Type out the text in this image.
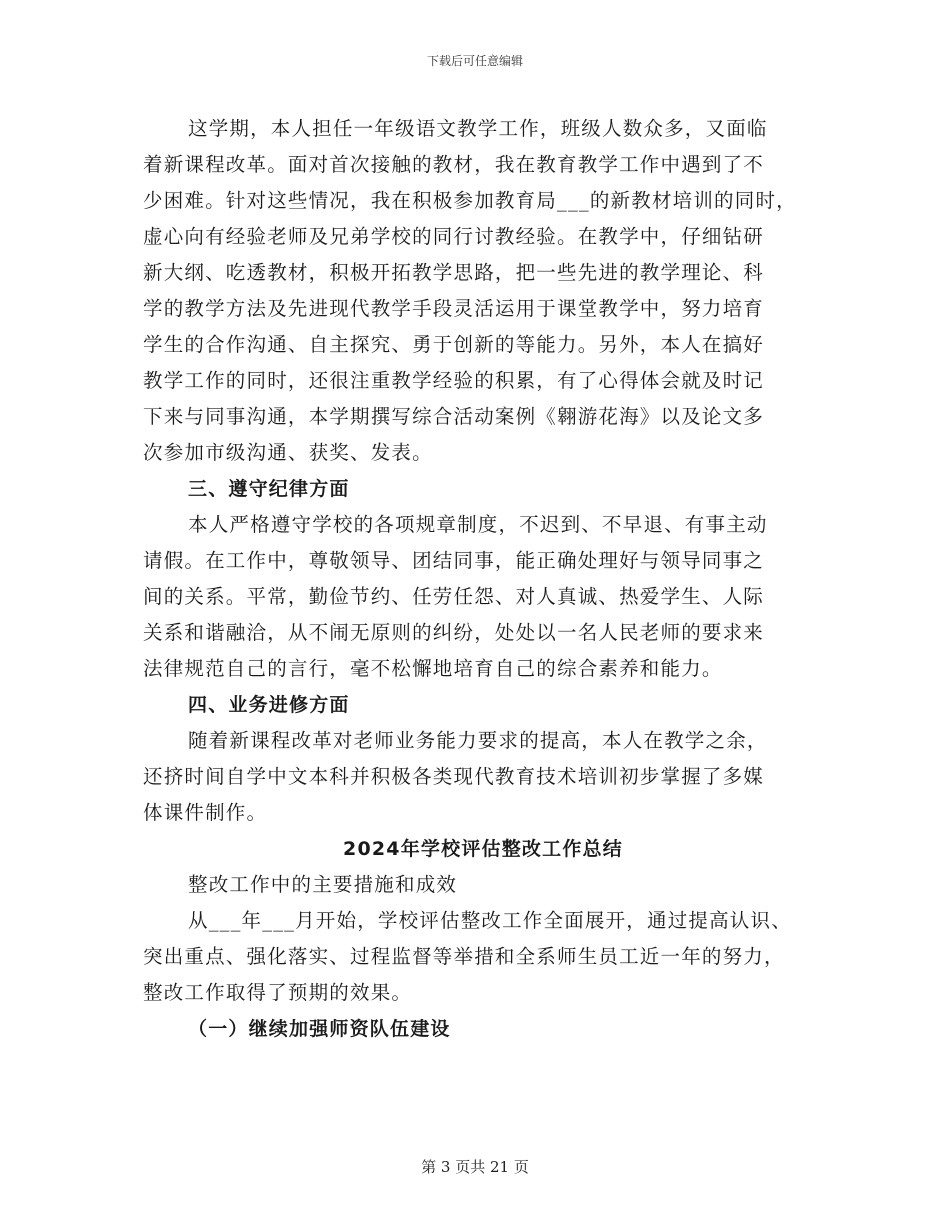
下载后可任意编辑
这学期，本人担任一年级语文教学工作，班级人数众多，又面临
着新课程改革。面对首次接触的教材，我在教育教学工作中遇到了不
少困难。针对这些情况，我在积极参加教育局___的新教材培训的同时，
虚心向有经验老师及兄弟学校的同行讨教经验。在教学中，仔细钻研
新大纲、吃透教材，积极开拓教学思路，把一些先进的教学理论、科
学的教学方法及先进现代教学手段灵活运用于课堂教学中，努力培育
学生的合作沟通、自主探究、勇于创新的等能力。另外，本人在搞好
教学工作的同时，还很注重教学经验的积累，有了心得体会就及时记
下来与同事沟通，本学期撰写综合活动案例《翱游花海》以及论文多
次参加市级沟通、获奖、发表。
三、遵守纪律方面
本人严格遵守学校的各项规章制度，不迟到、不早退、有事主动
请假。在工作中，尊敬领导、团结同事，能正确处理好与领导同事之
间的关系。平常，勤俭节约、任劳任怨、对人真诚、热爱学生、人际
关系和谐融洽，从不闹无原则的纠纷，处处以一名人民老师的要求来
法律规范自己的言行，毫不松懈地培育自己的综合素养和能力。
四、业务进修方面
随着新课程改革对老师业务能力要求的提高，本人在教学之余，
还挤时间自学中文本科并积极各类现代教育技术培训初步掌握了多媒
体课件制作。
2024年学校评估整改工作总结
整改工作中的主要措施和成效
从___年___月开始，学校评估整改工作全面展开，通过提高认识、
突出重点、强化落实、过程监督等举措和全系师生员工近一年的努力，
整改工作取得了预期的效果。
（一）继续加强师资队伍建设
第 3 页共 21 页
